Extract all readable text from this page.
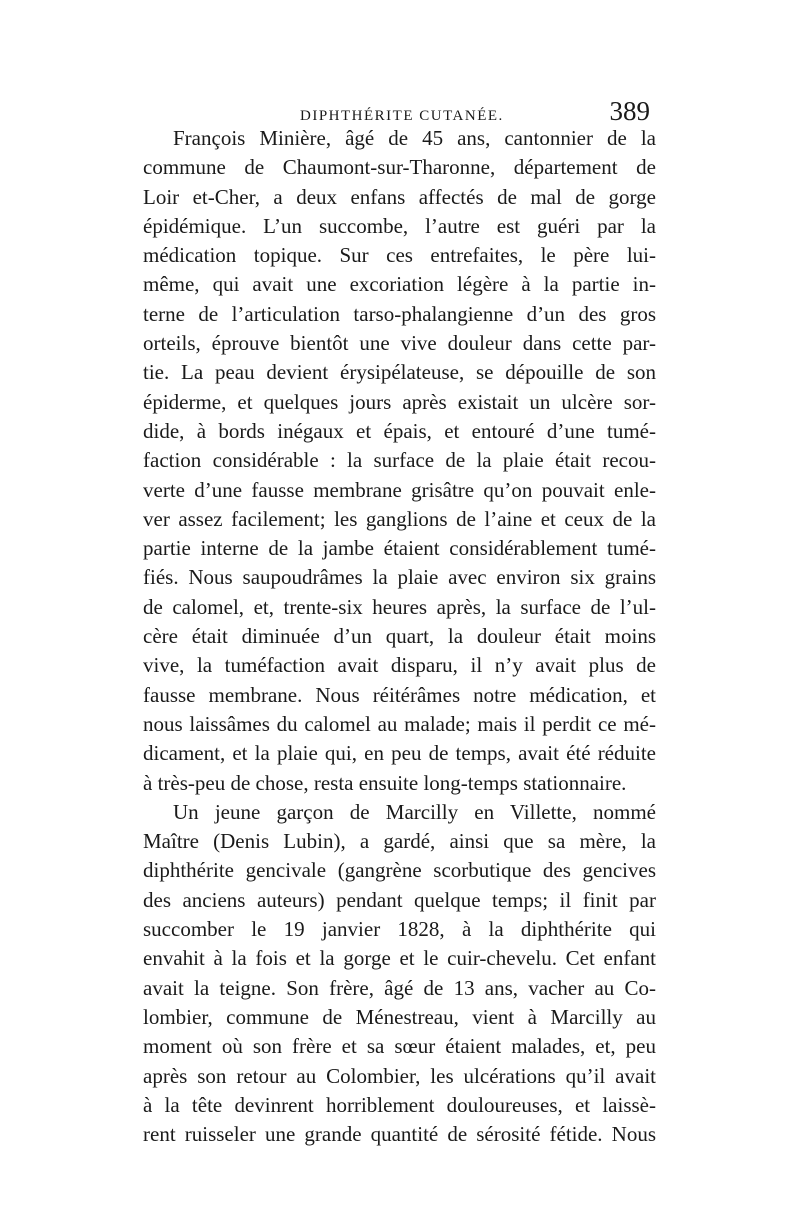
DIPHTHÉRITE CUTANÉE.	389
François Minière, âgé de 45 ans, cantonnier de la
commune de Chaumont-sur-Tharonne, département de
Loir et-Cher, a deux enfans affectés de mal de gorge
épidémique. L’un succombe, l’autre est guéri par la
médication topique. Sur ces entrefaites, le père lui-
même, qui avait une excoriation légère à la partie in-
terne de l’articulation tarso-phalangienne d’un des gros
orteils, éprouve bientôt une vive douleur dans cette par-
tie. La peau devient érysipélateuse, se dépouille de son
épiderme, et quelques jours après existait un ulcère sor-
dide, à bords inégaux et épais, et entouré d’une tumé-
faction considérable : la surface de la plaie était recou-
verte d’une fausse membrane grisâtre qu’on pouvait enle-
ver assez facilement; les ganglions de l’aine et ceux de la
partie interne de la jambe étaient considérablement tumé-
fiés. Nous saupoudrâmes la plaie avec environ six grains
de calomel, et, trente-six heures après, la surface de l’ul-
cère était diminuée d’un quart, la douleur était moins
vive, la tuméfaction avait disparu, il n’y avait plus de
fausse membrane. Nous réitérâmes notre médication, et
nous laissâmes du calomel au malade; mais il perdit ce mé-
dicament, et la plaie qui, en peu de temps, avait été réduite
à très-peu de chose, resta ensuite long-temps stationnaire.
Un jeune garçon de Marcilly en Villette, nommé
Maître (Denis Lubin), a gardé, ainsi que sa mère, la
diphthérite gencivale (gangrène scorbutique des gencives
des anciens auteurs) pendant quelque temps; il finit par
succomber le 19 janvier 1828, à la diphthérite qui
envahit à la fois et la gorge et le cuir-chevelu. Cet enfant
avait la teigne. Son frère, âgé de 13 ans, vacher au Co-
lombier, commune de Ménestreau, vient à Marcilly au
moment où son frère et sa sœur étaient malades, et, peu
après son retour au Colombier, les ulcérations qu’il avait
à la tête devinrent horriblement douloureuses, et laissè-
rent ruisseler une grande quantité de sérosité fétide. Nous
